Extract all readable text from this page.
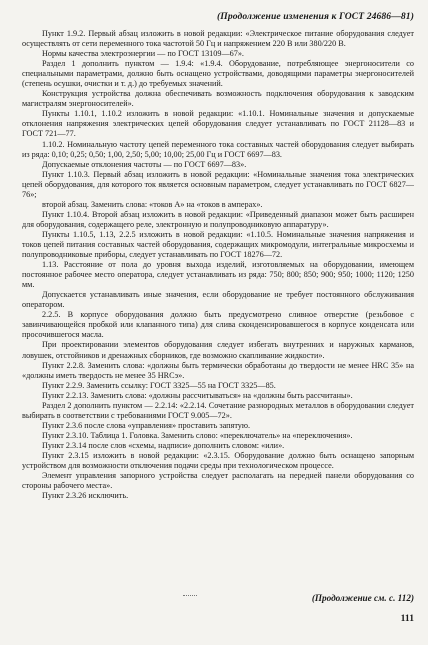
(Продолжение изменения к ГОСТ 24686—81)

Пункт 1.9.2. Первый абзац изложить в новой редакции: «Электрическое питание оборудования следует осуществлять от сети переменного тока частотой 50 Гц и напряжением 220 В или 380/220 В.

Нормы качества электроэнергии — по ГОСТ 13109—67».

Раздел 1 дополнить пунктом — 1.9.4: «1.9.4. Оборудование, потребляющее энергоносители со специальными параметрами, должно быть оснащено устройствами, доводящими параметры энергоносителей (степень осушки, очистки и т. д.) до требуемых значений.

Конструкция устройства должна обеспечивать возможность подключения оборудования к заводским магистралям энергоносителей».

Пункты 1.10.1, 1.10.2 изложить в новой редакции: «1.10.1. Номинальные значения и допускаемые отклонения напряжения электрических цепей оборудования следует устанавливать по ГОСТ 21128—83 и ГОСТ 721—77.

1.10.2. Номинальную частоту цепей переменного тока составных частей оборудования следует выбирать из ряда: 0,10; 0,25; 0,50; 1,00, 2,50; 5,00; 10,00; 25,00 Гц и ГОСТ 6697—83.

Допускаемые отклонения частоты — по ГОСТ 6697—83».

Пункт 1.10.3. Первый абзац изложить в новой редакции: «Номинальные значения тока электрических цепей оборудования, для которого ток является основным параметром, следует устанавливать по ГОСТ 6827—76»;

второй абзац. Заменить слова: «токов А» на «токов в амперах».

Пункт 1.10.4. Второй абзац изложить в новой редакции: «Приведенный диапазон может быть расширен для оборудования, содержащего реле, электронную и полупроводниковую аппаратуру».

Пункты 1.10.5, 1.13, 2.2.5 изложить в новой редакции: «1.10.5. Номинальные значения напряжения и токов цепей питания составных частей оборудования, содержащих микромодули, интегральные микросхемы и полупроводниковые приборы, следует устанавливать по ГОСТ 18276—72.

1.13. Расстояние от пола до уровня выхода изделий, изготовляемых на оборудовании, имеющем постоянное рабочее место оператора, следует устанавливать из ряда: 750; 800; 850; 900; 950; 1000; 1120; 1250 мм.

Допускается устанавливать иные значения, если оборудование не требует постоянного обслуживания оператором.

2.2.5. В корпусе оборудования должно быть предусмотрено сливное отверстие (резьбовое с завинчивающейся пробкой или клапанного типа) для слива сконденсировавшегося в корпусе конденсата или просочившегося масла.

При проектировании элементов оборудования следует избегать внутренних и наружных карманов, ловушек, отстойников и дренажных сборников, где возможно скапливание жидкости».

Пункт 2.2.8. Заменить слова: «должны быть термически обработаны до твердости не менее HRC 35» на «должны иметь твердость не менее 35 HRCэ».

Пункт 2.2.9. Заменить ссылку: ГОСТ 3325—55 на ГОСТ 3325—85.

Пункт 2.2.13. Заменить слова: «должны рассчитываться» на «должны быть рассчитаны».

Раздел 2 дополнить пунктом — 2.2.14: «2.2.14. Сочетание разнородных металлов в оборудовании следует выбирать в соответствии с требованиями ГОСТ 9.005—72».

Пункт 2.3.6 после слова «управления» проставить запятую.

Пункт 2.3.10. Таблица 1. Головка. Заменить слово: «переключатель» на «переключения».

Пункт 2.3.14 после слов «схемы, надписи» дополнить словом: «или».

Пункт 2.3.15 изложить в новой редакции: «2.3.15. Оборудование должно быть оснащено запорным устройством для возможности отключения подачи среды при технологическом процессе.

Элемент управления запорного устройства следует располагать на передней панели оборудования со стороны рабочего места».

Пункт 2.3.26 исключить.

(Продолжение см. с. 112)
111
